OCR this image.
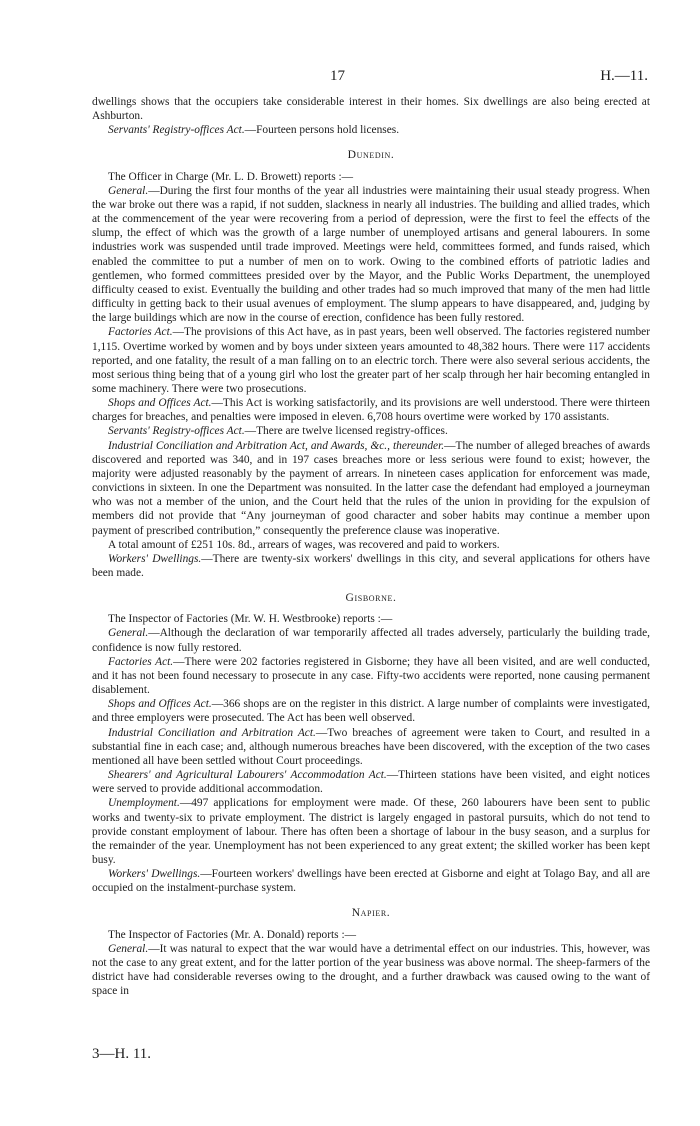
17	H.—11.

dwellings shows that the occupiers take considerable interest in their homes. Six dwellings are also being erected at Ashburton.

Servants' Registry-offices Act.—Fourteen persons hold licenses.

Dunedin.

The Officer in Charge (Mr. L. D. Browett) reports :—

General.—During the first four months of the year all industries were maintaining their usual steady progress. When the war broke out there was a rapid, if not sudden, slackness in nearly all industries. The building and allied trades, which at the commencement of the year were recovering from a period of depression, were the first to feel the effects of the slump, the effect of which was the growth of a large number of unemployed artisans and general labourers. In some industries work was suspended until trade improved. Meetings were held, committees formed, and funds raised, which enabled the committee to put a number of men on to work. Owing to the combined efforts of patriotic ladies and gentlemen, who formed committees presided over by the Mayor, and the Public Works Department, the unemployed difficulty ceased to exist. Eventually the building and other trades had so much improved that many of the men had little difficulty in getting back to their usual avenues of employment. The slump appears to have disappeared, and, judging by the large buildings which are now in the course of erection, confidence has been fully restored.

Factories Act.—The provisions of this Act have, as in past years, been well observed. The factories registered number 1,115. Overtime worked by women and by boys under sixteen years amounted to 48,382 hours. There were 117 accidents reported, and one fatality, the result of a man falling on to an electric torch. There were also several serious accidents, the most serious thing being that of a young girl who lost the greater part of her scalp through her hair becoming entangled in some machinery. There were two prosecutions.

Shops and Offices Act.—This Act is working satisfactorily, and its provisions are well understood. There were thirteen charges for breaches, and penalties were imposed in eleven. 6,708 hours overtime were worked by 170 assistants.

Servants' Registry-offices Act.—There are twelve licensed registry-offices.

Industrial Conciliation and Arbitration Act, and Awards, &c., thereunder.—The number of alleged breaches of awards discovered and reported was 340, and in 197 cases breaches more or less serious were found to exist; however, the majority were adjusted reasonably by the payment of arrears. In nineteen cases application for enforcement was made, convictions in sixteen. In one the Department was nonsuited. In the latter case the defendant had employed a journeyman who was not a member of the union, and the Court held that the rules of the union in providing for the expulsion of members did not provide that “Any journeyman of good character and sober habits may continue a member upon payment of prescribed contribution,” consequently the preference clause was inoperative.

A total amount of £251 10s. 8d., arrears of wages, was recovered and paid to workers.

Workers' Dwellings.—There are twenty-six workers' dwellings in this city, and several applications for others have been made.

Gisborne.

The Inspector of Factories (Mr. W. H. Westbrooke) reports :—

General.—Although the declaration of war temporarily affected all trades adversely, particularly the building trade, confidence is now fully restored.

Factories Act.—There were 202 factories registered in Gisborne; they have all been visited, and are well conducted, and it has not been found necessary to prosecute in any case. Fifty-two accidents were reported, none causing permanent disablement.

Shops and Offices Act.—366 shops are on the register in this district. A large number of complaints were investigated, and three employers were prosecuted. The Act has been well observed.

Industrial Conciliation and Arbitration Act.—Two breaches of agreement were taken to Court, and resulted in a substantial fine in each case; and, although numerous breaches have been discovered, with the exception of the two cases mentioned all have been settled without Court proceedings.

Shearers' and Agricultural Labourers' Accommodation Act.—Thirteen stations have been visited, and eight notices were served to provide additional accommodation.

Unemployment.—497 applications for employment were made. Of these, 260 labourers have been sent to public works and twenty-six to private employment. The district is largely engaged in pastoral pursuits, which do not tend to provide constant employment of labour. There has often been a shortage of labour in the busy season, and a surplus for the remainder of the year. Unemployment has not been experienced to any great extent; the skilled worker has been kept busy.

Workers' Dwellings.—Fourteen workers' dwellings have been erected at Gisborne and eight at Tolago Bay, and all are occupied on the instalment-purchase system.

Napier.

The Inspector of Factories (Mr. A. Donald) reports :—

General.—It was natural to expect that the war would have a detrimental effect on our industries. This, however, was not the case to any great extent, and for the latter portion of the year business was above normal. The sheep-farmers of the district have had considerable reverses owing to the drought, and a further drawback was caused owing to the want of space in

3—H. 11.
